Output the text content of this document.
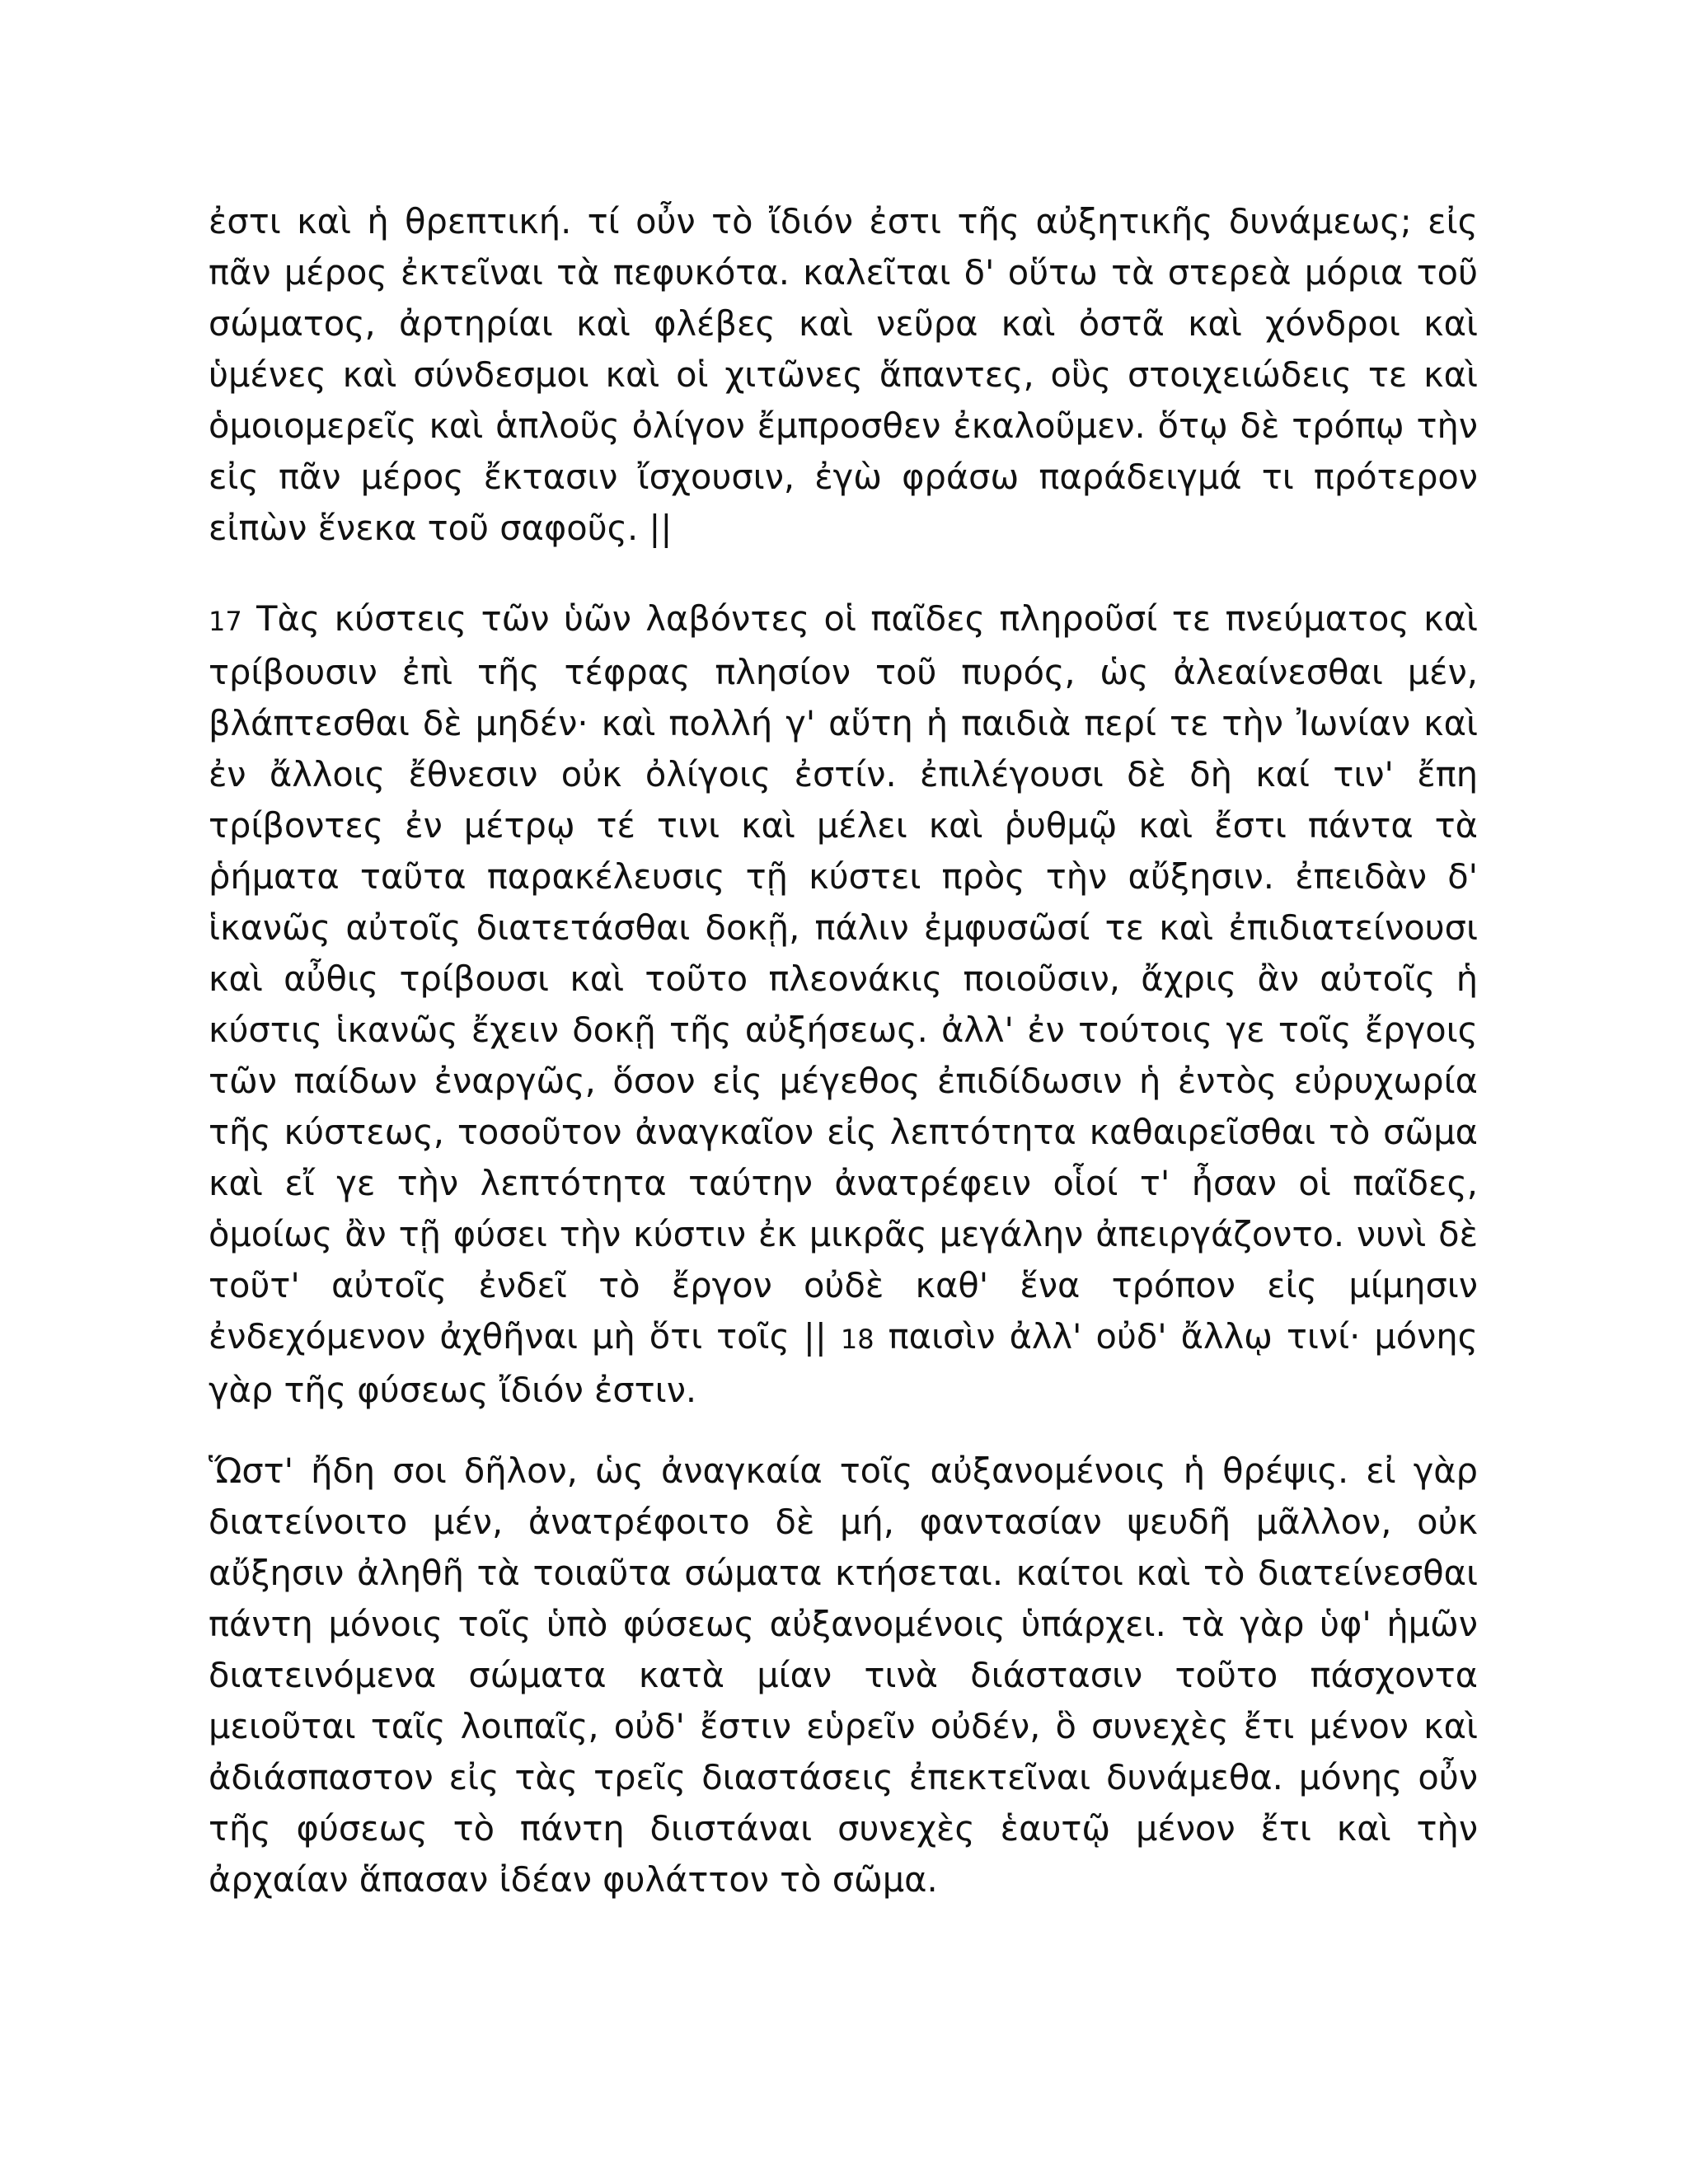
ἐστι καὶ ἡ θρεπτική. τί οὖν τὸ ἴδιόν ἐστι τῆς αὐξητικῆς δυνάμεως; εἰς πᾶν μέρος ἐκτεῖναι τὰ πεφυκότα. καλεῖται δ' οὕτω τὰ στερεὰ μόρια τοῦ σώματος, ἀρτηρίαι καὶ φλέβες καὶ νεῦρα καὶ ὀστᾶ καὶ χόνδροι καὶ ὑμένες καὶ σύνδεσμοι καὶ οἱ χιτῶνες ἅπαντες, οὓς στοιχειώδεις τε καὶ ὁμοιομερεῖς καὶ ἁπλοῦς ὀλίγον ἔμπροσθεν ἐκαλοῦμεν. ὅτῳ δὲ τρόπῳ τὴν εἰς πᾶν μέρος ἔκτασιν ἴσχουσιν, ἐγὼ φράσω παράδειγμά τι πρότερον εἰπὼν ἕνεκα τοῦ σαφοῦς. ||

17 Τὰς κύστεις τῶν ὑῶν λαβόντες οἱ παῖδες πληροῦσί τε πνεύματος καὶ τρίβουσιν ἐπὶ τῆς τέφρας πλησίον τοῦ πυρός, ὡς ἀλεαίνεσθαι μέν, βλάπτεσθαι δὲ μηδέν· καὶ πολλή γ' αὕτη ἡ παιδιὰ περί τε τὴν Ἰωνίαν καὶ ἐν ἄλλοις ἔθνεσιν οὐκ ὀλίγοις ἐστίν. ἐπιλέγουσι δὲ δὴ καί τιν' ἔπη τρίβοντες ἐν μέτρῳ τέ τινι καὶ μέλει καὶ ῥυθμῷ καὶ ἔστι πάντα τὰ ῥήματα ταῦτα παρακέλευσις τῇ κύστει πρὸς τὴν αὔξησιν. ἐπειδὰν δ' ἱκανῶς αὐτοῖς διατετάσθαι δοκῇ, πάλιν ἐμφυσῶσί τε καὶ ἐπιδιατείνουσι καὶ αὖθις τρίβουσι καὶ τοῦτο πλεονάκις ποιοῦσιν, ἄχρις ἂν αὐτοῖς ἡ κύστις ἱκανῶς ἔχειν δοκῇ τῆς αὐξήσεως. ἀλλ' ἐν τούτοις γε τοῖς ἔργοις τῶν παίδων ἐναργῶς, ὅσον εἰς μέγεθος ἐπιδίδωσιν ἡ ἐντὸς εὐρυχωρία τῆς κύστεως, τοσοῦτον ἀναγκαῖον εἰς λεπτότητα καθαιρεῖσθαι τὸ σῶμα καὶ εἴ γε τὴν λεπτότητα ταύτην ἀνατρέφειν οἷοί τ' ἦσαν οἱ παῖδες, ὁμοίως ἂν τῇ φύσει τὴν κύστιν ἐκ μικρᾶς μεγάλην ἀπειργάζοντο. νυνὶ δὲ τοῦτ' αὐτοῖς ἐνδεῖ τὸ ἔργον οὐδὲ καθ' ἕνα τρόπον εἰς μίμησιν ἐνδεχόμενον ἀχθῆναι μὴ ὅτι τοῖς || 18 παισὶν ἀλλ' οὐδ' ἄλλῳ τινί· μόνης γὰρ τῆς φύσεως ἴδιόν ἐστιν.

Ὥστ' ἤδη σοι δῆλον, ὡς ἀναγκαία τοῖς αὐξανομένοις ἡ θρέψις. εἰ γὰρ διατείνοιτο μέν, ἀνατρέφοιτο δὲ μή, φαντασίαν ψευδῆ μᾶλλον, οὐκ αὔξησιν ἀληθῆ τὰ τοιαῦτα σώματα κτήσεται. καίτοι καὶ τὸ διατείνεσθαι πάντη μόνοις τοῖς ὑπὸ φύσεως αὐξανομένοις ὑπάρχει. τὰ γὰρ ὑφ' ἡμῶν διατεινόμενα σώματα κατὰ μίαν τινὰ διάστασιν τοῦτο πάσχοντα μειοῦται ταῖς λοιπαῖς, οὐδ' ἔστιν εὑρεῖν οὐδέν, ὃ συνεχὲς ἔτι μένον καὶ ἀδιάσπαστον εἰς τὰς τρεῖς διαστάσεις ἐπεκτεῖναι δυνάμεθα. μόνης οὖν τῆς φύσεως τὸ πάντη διιστάναι συνεχὲς ἑαυτῷ μένον ἔτι καὶ τὴν ἀρχαίαν ἅπασαν ἰδέαν φυλάττον τὸ σῶμα.
